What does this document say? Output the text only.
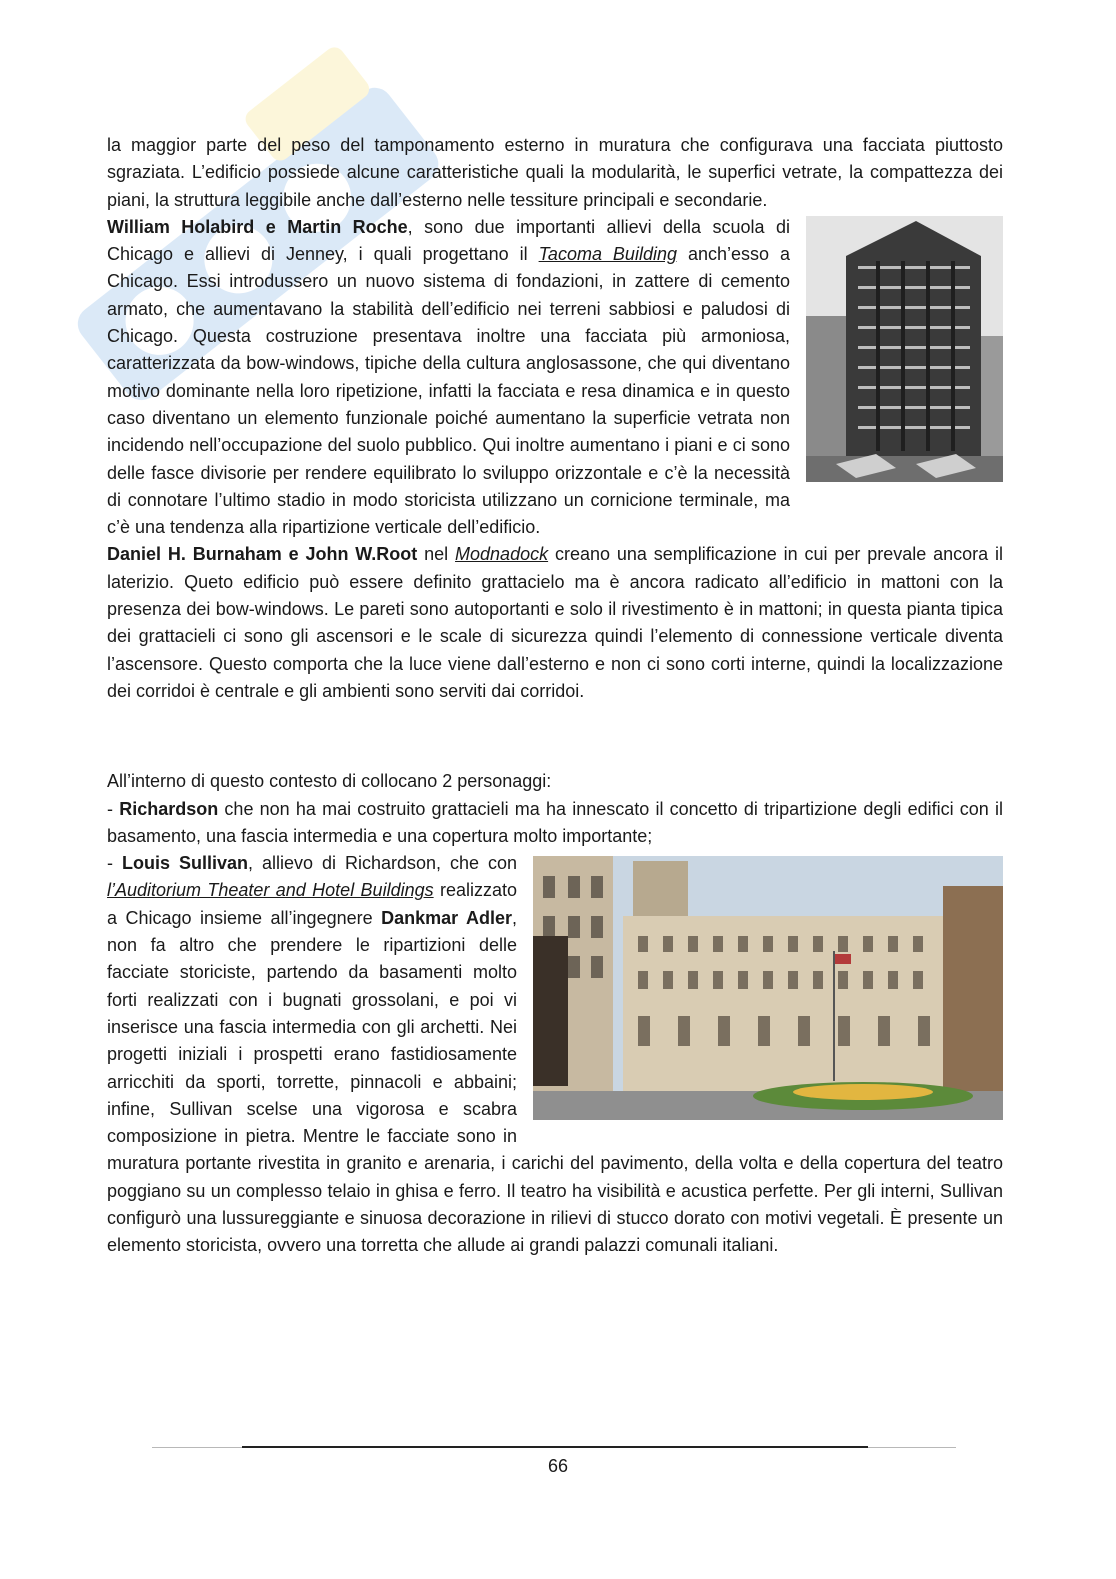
la maggior parte del peso del tamponamento esterno in muratura che configurava una facciata piuttosto sgraziata. L’edificio possiede alcune caratteristiche quali la modularità, le superfici vetrate, la compattezza dei piani, la struttura leggibile anche dall’esterno nelle tessiture principali e secondarie.

William Holabird e Martin Roche, sono due importanti allievi della scuola di Chicago e allievi di Jenney, i quali progettano il Tacoma Building anch’esso a Chicago. Essi introdussero un nuovo sistema di fondazioni, in zattere di cemento armato, che aumentavano la stabilità dell’edificio nei terreni sabbiosi e paludosi di Chicago. Questa costruzione presentava inoltre una facciata più armoniosa, caratterizzata da bow-windows, tipiche della cultura anglosassone, che qui diventano motivo dominante nella loro ripetizione, infatti la facciata e resa dinamica e in questo caso diventano un elemento funzionale poiché aumentano la superficie vetrata non incidendo nell’occupazione del suolo pubblico. Qui inoltre aumentano i piani e ci sono delle fasce divisorie per rendere equilibrato lo sviluppo orizzontale e c’è la necessità di connotare l’ultimo stadio in modo storicista utilizzano un cornicione terminale, ma c’è una tendenza alla ripartizione verticale dell’edificio.

Daniel H. Burnaham e John W.Root nel Modnadock creano una semplificazione in cui per prevale ancora il laterizio. Queto edificio può essere definito grattacielo ma è ancora radicato all’edificio in mattoni con la presenza dei bow-windows. Le pareti sono autoportanti e solo il rivestimento è in mattoni; in questa pianta tipica dei grattacieli ci sono gli ascensori e le scale di sicurezza quindi l’elemento di connessione verticale diventa l’ascensore. Questo comporta che la luce viene dall’esterno e non ci sono corti interne, quindi la localizzazione dei corridoi è centrale e gli ambienti sono serviti dai corridoi.

All’interno di questo contesto di collocano 2 personaggi:

- Richardson che non ha mai costruito grattacieli ma ha innescato il concetto di tripartizione degli edifici con il basamento, una fascia intermedia e una copertura molto importante;

- Louis Sullivan, allievo di Richardson, che con l’Auditorium Theater and Hotel Buildings realizzato a Chicago insieme all’ingegnere Dankmar Adler, non fa altro che prendere le ripartizioni delle facciate storiciste, partendo da basamenti molto forti realizzati con i bugnati grossolani, e poi vi inserisce una fascia intermedia con gli archetti. Nei progetti iniziali i prospetti erano fastidiosamente arricchiti da sporti, torrette, pinnacoli e abbaini; infine, Sullivan scelse una vigorosa e scabra composizione in pietra. Mentre le facciate sono in muratura portante rivestita in granito e arenaria, i carichi del pavimento, della volta e della copertura del teatro poggiano su un complesso telaio in ghisa e ferro. Il teatro ha visibilità e acustica perfette. Per gli interni, Sullivan configurò una lussureggiante e sinuosa decorazione in rilievi di stucco dorato con motivi vegetali. È presente un elemento storicista, ovvero una torretta che allude ai grandi palazzi comunali italiani.

66
